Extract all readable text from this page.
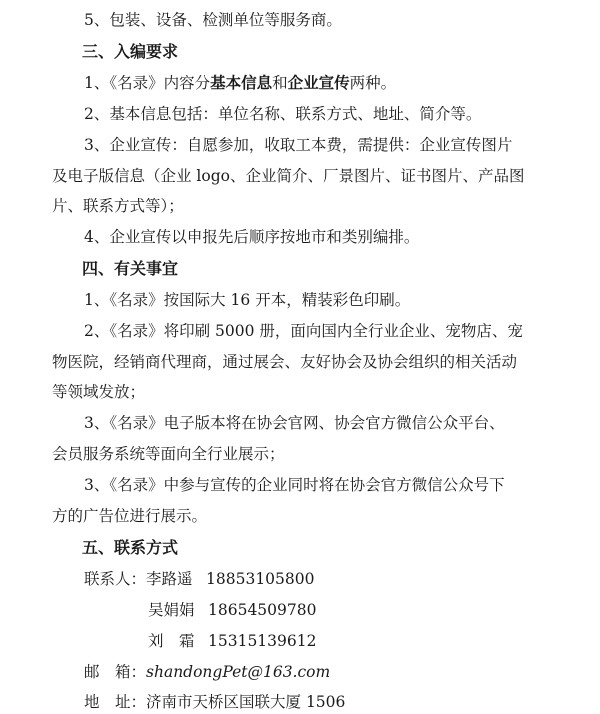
5、包装、设备、检测单位等服务商。
三、入编要求
1、《名录》内容分基本信息和企业宣传两种。
2、基本信息包括：单位名称、联系方式、地址、简介等。
3、企业宣传：自愿参加，收取工本费，需提供：企业宣传图片
及电子版信息（企业 logo、企业简介、厂景图片、证书图片、产品图
片、联系方式等）；
4、企业宣传以申报先后顺序按地市和类别编排。
四、有关事宜
1、《名录》按国际大 16 开本，精装彩色印刷。
2、《名录》将印刷 5000 册，面向国内全行业企业、宠物店、宠
物医院，经销商代理商，通过展会、友好协会及协会组织的相关活动
等领域发放；
3、《名录》电子版本将在协会官网、协会官方微信公众平台、
会员服务系统等面向全行业展示；
3、《名录》中参与宣传的企业同时将在协会官方微信公众号下
方的广告位进行展示。
五、联系方式
联系人：李路遥 18853105800
吴娟娟 18654509780
刘　霜 15315139612
邮　箱：shandongPet@163.com
地　址：济南市天桥区国联大厦 1506
